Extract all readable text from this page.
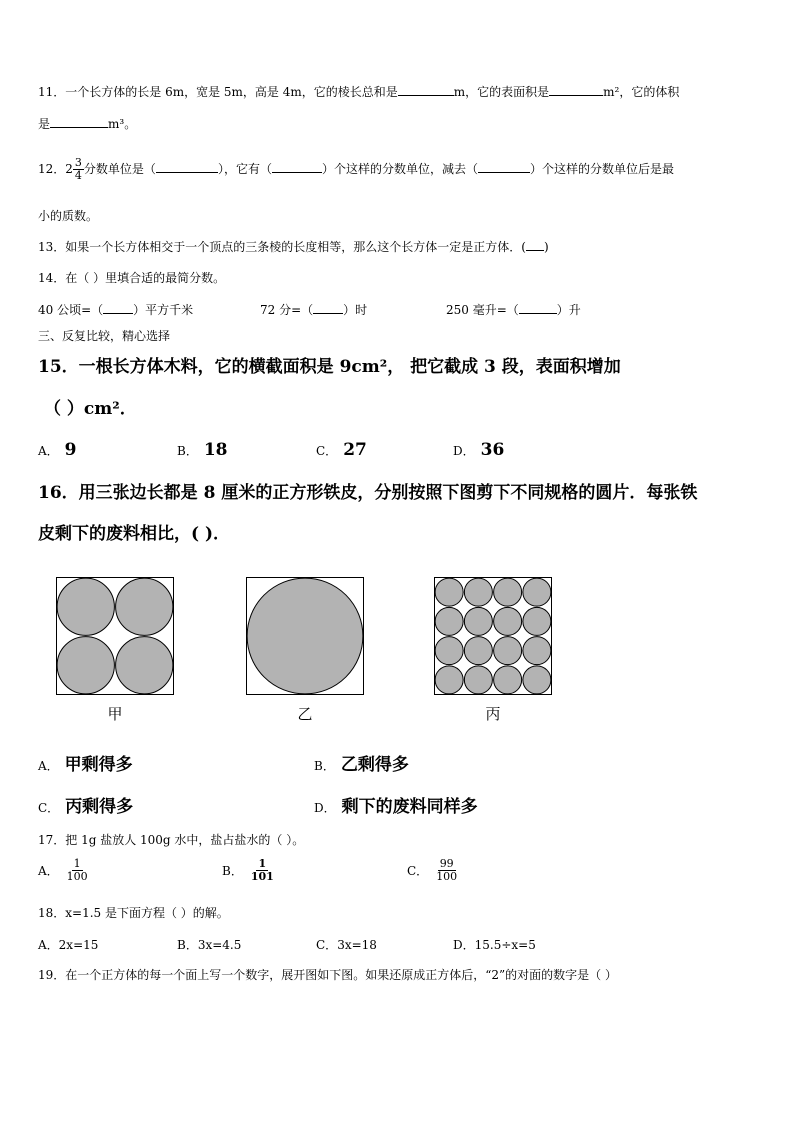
11．一个长方体的长是 6m，宽是 5m，高是 4m，它的棱长总和是	m，它的表面积是	m²，它的体积
是	m³。
12．$2 \frac{3}{4}$ 分数单位是（	），它有（	）个这样的分数单位，减去（	）个这样的分数单位后是最
小的质数。
13．如果一个长方体相交于一个顶点的三条棱的长度相等，那么这个长方体一定是正方体．( )
14．在（ ）里填合适的最简分数。
40 公顷=（	）平方千米	72 分=（	）时	250 毫升=（	）升
三、反复比较，精心选择
15．一根长方体木料，它的横截面积是 9cm²， 把它截成 3 段，表面积增加
（ ）cm²．
A． 9	B． 18	C． 27	D． 36
16．用三张边长都是 8 厘米的正方形铁皮，分别按照下图剪下不同规格的圆片．每张铁
皮剩下的废料相比，( )．
甲	乙	丙
A． 甲剩得多	B． 乙剩得多
C． 丙剩得多	D． 剩下的废料同样多
17．把 1g 盐放人 100g 水中，盐占盐水的（ ）。
A． $\frac{1}{100}$	B． $\frac{1}{101}$	C． $\frac{99}{100}$
18．x=1.5 是下面方程（ ）的解。
A．2x=15	B．3x=4.5	C．3x=18	D．15.5÷x=5
19．在一个正方体的每一个面上写一个数字，展开图如下图。如果还原成正方体后，“2”的对面的数字是（ ）
